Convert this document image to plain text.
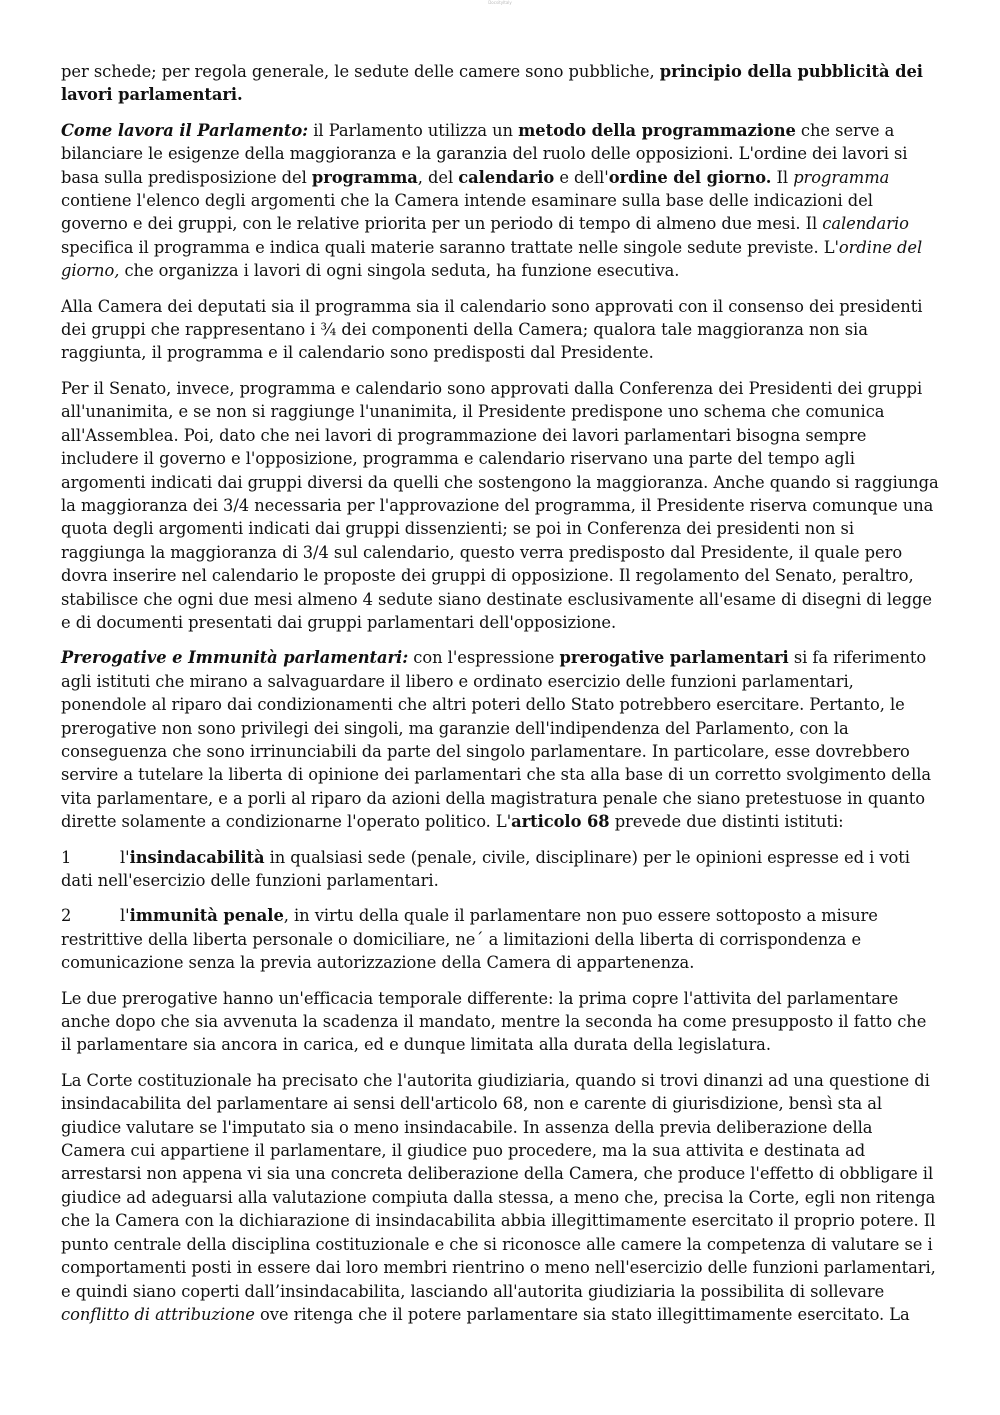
DocsityItaly

per schede; per regola generale, le sedute delle camere sono pubbliche, principio della pubblicità dei lavori parlamentari.

Come lavora il Parlamento: il Parlamento utilizza un metodo della programmazione che serve a bilanciare le esigenze della maggioranza e la garanzia del ruolo delle opposizioni. L'ordine dei lavori si basa sulla predisposizione del programma, del calendario e dell'ordine del giorno. Il programma contiene l'elenco degli argomenti che la Camera intende esaminare sulla base delle indicazioni del governo e dei gruppi, con le relative priorita per un periodo di tempo di almeno due mesi. Il calendario specifica il programma e indica quali materie saranno trattate nelle singole sedute previste. L'ordine del giorno, che organizza i lavori di ogni singola seduta, ha funzione esecutiva.

Alla Camera dei deputati sia il programma sia il calendario sono approvati con il consenso dei presidenti dei gruppi che rappresentano i ¾ dei componenti della Camera; qualora tale maggioranza non sia raggiunta, il programma e il calendario sono predisposti dal Presidente.

Per il Senato, invece, programma e calendario sono approvati dalla Conferenza dei Presidenti dei gruppi all'unanimita, e se non si raggiunge l'unanimita, il Presidente predispone uno schema che comunica all'Assemblea. Poi, dato che nei lavori di programmazione dei lavori parlamentari bisogna sempre includere il governo e l'opposizione, programma e calendario riservano una parte del tempo agli argomenti indicati dai gruppi diversi da quelli che sostengono la maggioranza. Anche quando si raggiunga la maggioranza dei 3/4 necessaria per l'approvazione del programma, il Presidente riserva comunque una quota degli argomenti indicati dai gruppi dissenzienti; se poi in Conferenza dei presidenti non si raggiunga la maggioranza di 3/4 sul calendario, questo verra predisposto dal Presidente, il quale pero dovra inserire nel calendario le proposte dei gruppi di opposizione. Il regolamento del Senato, peraltro, stabilisce che ogni due mesi almeno 4 sedute siano destinate esclusivamente all'esame di disegni di legge e di documenti presentati dai gruppi parlamentari dell'opposizione.

Prerogative e Immunità parlamentari: con l'espressione prerogative parlamentari si fa riferimento agli istituti che mirano a salvaguardare il libero e ordinato esercizio delle funzioni parlamentari, ponendole al riparo dai condizionamenti che altri poteri dello Stato potrebbero esercitare. Pertanto, le prerogative non sono privilegi dei singoli, ma garanzie dell'indipendenza del Parlamento, con la conseguenza che sono irrinunciabili da parte del singolo parlamentare. In particolare, esse dovrebbero servire a tutelare la liberta di opinione dei parlamentari che sta alla base di un corretto svolgimento della vita parlamentare, e a porli al riparo da azioni della magistratura penale che siano pretestuose in quanto dirette solamente a condizionarne l'operato politico. L'articolo 68 prevede due distinti istituti:

1	l'insindacabilità in qualsiasi sede (penale, civile, disciplinare) per le opinioni espresse ed i voti dati nell'esercizio delle funzioni parlamentari.
2	l'immunità penale, in virtu della quale il parlamentare non puo essere sottoposto a misure restrittive della liberta personale o domiciliare, ne´ a limitazioni della liberta di corrispondenza e comunicazione senza la previa autorizzazione della Camera di appartenenza.

Le due prerogative hanno un'efficacia temporale differente: la prima copre l'attivita del parlamentare anche dopo che sia avvenuta la scadenza il mandato, mentre la seconda ha come presupposto il fatto che il parlamentare sia ancora in carica, ed e dunque limitata alla durata della legislatura.

La Corte costituzionale ha precisato che l'autorita giudiziaria, quando si trovi dinanzi ad una questione di insindacabilita del parlamentare ai sensi dell'articolo 68, non e carente di giurisdizione, bensì sta al giudice valutare se l'imputato sia o meno insindacabile. In assenza della previa deliberazione della Camera cui appartiene il parlamentare, il giudice puo procedere, ma la sua attivita e destinata ad arrestarsi non appena vi sia una concreta deliberazione della Camera, che produce l'effetto di obbligare il giudice ad adeguarsi alla valutazione compiuta dalla stessa, a meno che, precisa la Corte, egli non ritenga che la Camera con la dichiarazione di insindacabilita abbia illegittimamente esercitato il proprio potere. Il punto centrale della disciplina costituzionale e che si riconosce alle camere la competenza di valutare se i comportamenti posti in essere dai loro membri rientrino o meno nell'esercizio delle funzioni parlamentari, e quindi siano coperti dall’insindacabilita, lasciando all'autorita giudiziaria la possibilita di sollevare conflitto di attribuzione ove ritenga che il potere parlamentare sia stato illegittimamente esercitato. La
